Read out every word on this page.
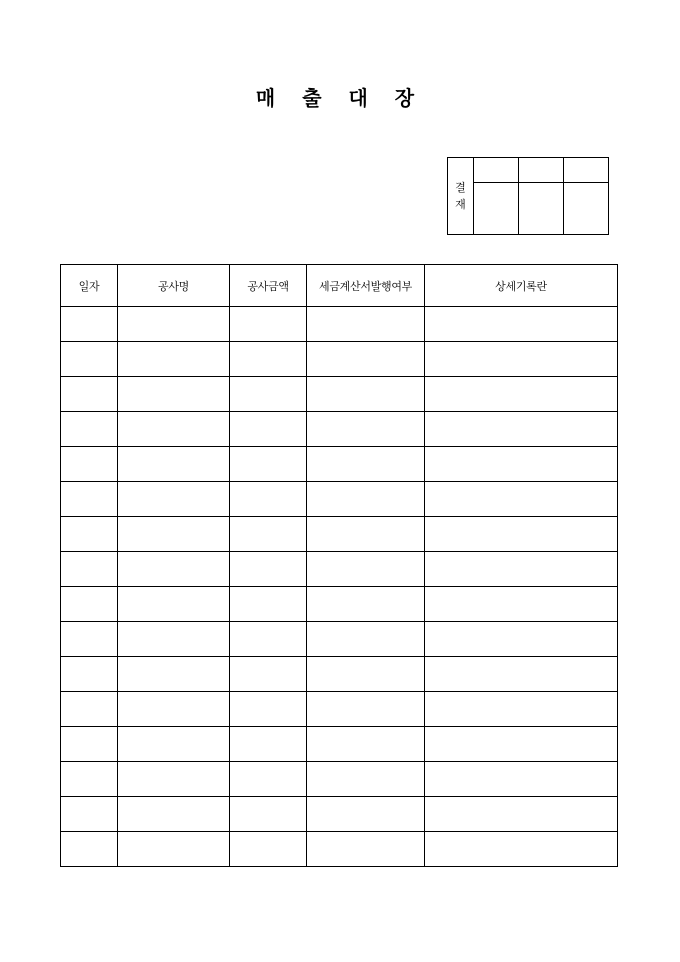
매 출 대 장
결
재			

일자	공사명	공사금액	세금계산서발행여부	상세기록란
